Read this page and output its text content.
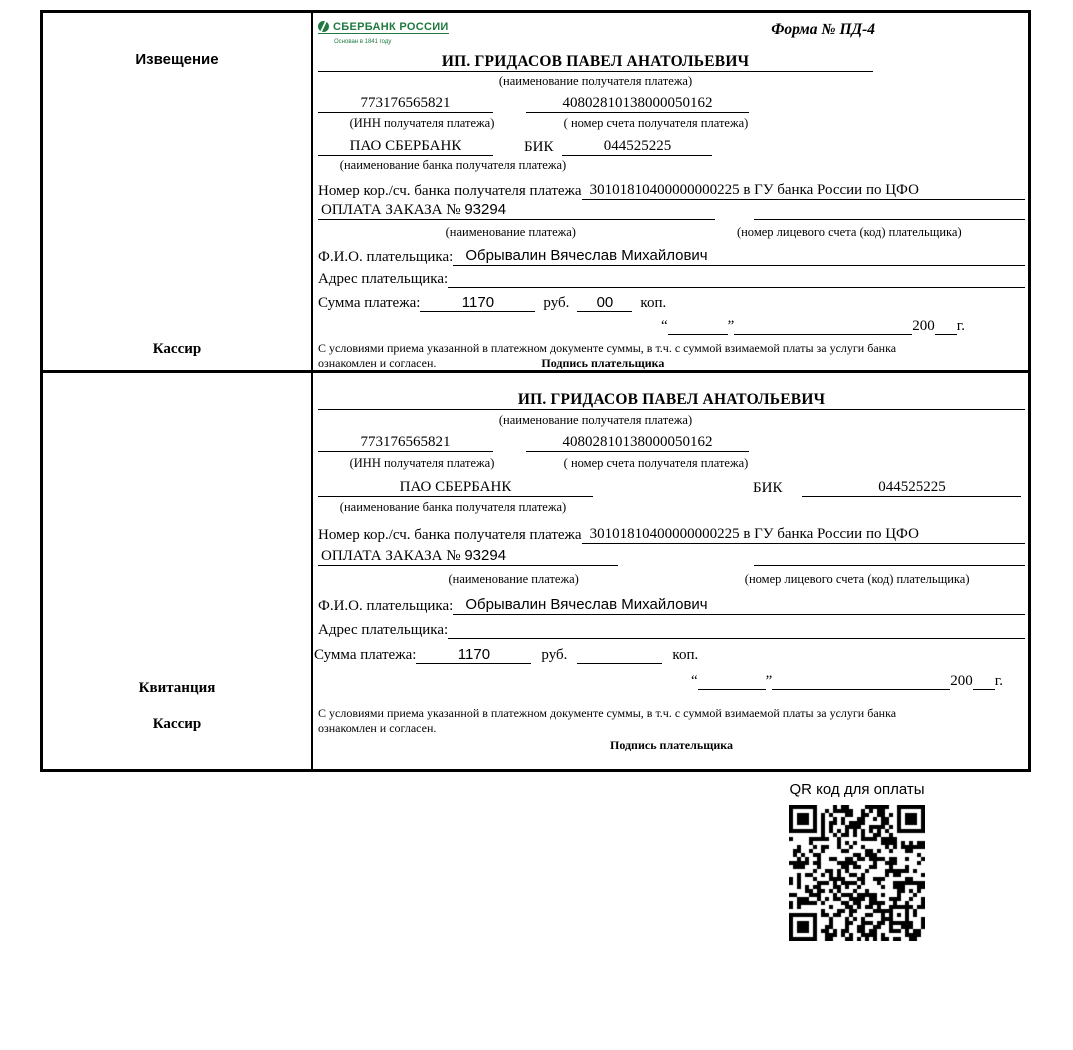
Извещение
Кассир
СБЕРБАНК РОССИИ
Основан в 1841 году
Форма № ПД-4
ИП. ГРИДАСОВ ПАВЕЛ АНАТОЛЬЕВИЧ
(наименование получателя платежа)
773176565821	40802810138000050162
(ИНН получателя платежа)	( номер счета получателя платежа)
ПАО СБЕРБАНК	БИК	044525225
(наименование банка получателя платежа)
Номер кор./сч. банка получателя платежа 30101810400000000225 в ГУ банка России по ЦФО
ОПЛАТА ЗАКАЗА № 93294
(наименование платежа)	(номер лицевого счета (код) плательщика)
Ф.И.О. плательщика: Обрывалин Вячеслав Михайлович
Адрес плательщика:
Сумма платежа:	1170	руб.	00	коп.
“	”	200 г.
С условиями приема указанной в платежном документе суммы, в т.ч. с суммой взимаемой платы за услуги банка
ознакомлен и согласен.	Подпись плательщика
Квитанция
Кассир
ИП. ГРИДАСОВ ПАВЕЛ АНАТОЛЬЕВИЧ
(наименование получателя платежа)
773176565821	40802810138000050162
(ИНН получателя платежа)	( номер счета получателя платежа)
ПАО СБЕРБАНК	БИК	044525225
(наименование банка получателя платежа)
Номер кор./сч. банка получателя платежа 30101810400000000225 в ГУ банка России по ЦФО
ОПЛАТА ЗАКАЗА № 93294
(наименование платежа)	(номер лицевого счета (код) плательщика)
Ф.И.О. плательщика: Обрывалин Вячеслав Михайлович
Адрес плательщика:
Сумма платежа:	1170	руб.	коп.
“	”	200 г.
С условиями приема указанной в платежном документе суммы, в т.ч. с суммой взимаемой платы за услуги банка
ознакомлен и согласен.
Подпись плательщика
QR код для оплаты
